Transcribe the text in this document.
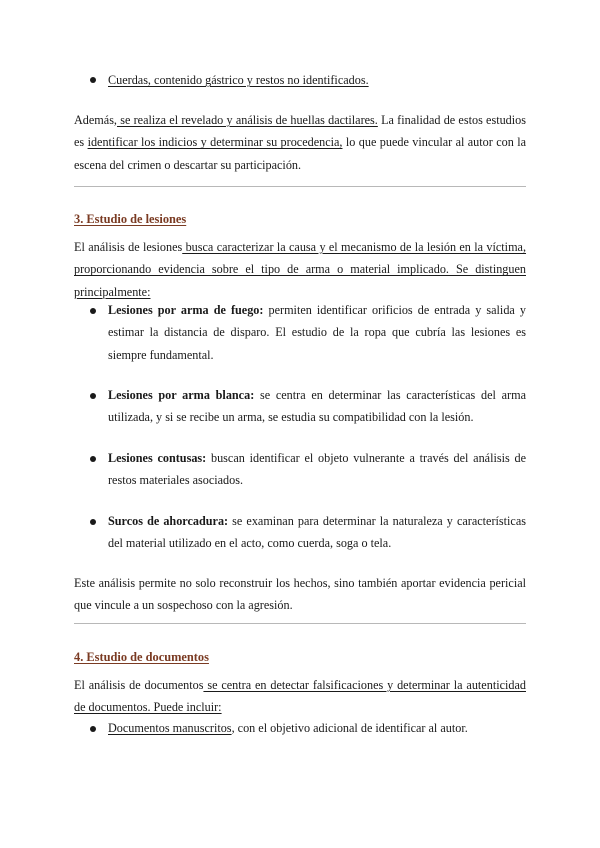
Cuerdas, contenido gástrico y restos no identificados.
Además, se realiza el revelado y análisis de huellas dactilares. La finalidad de estos estudios es identificar los indicios y determinar su procedencia, lo que puede vincular al autor con la escena del crimen o descartar su participación.
3. Estudio de lesiones
El análisis de lesiones busca caracterizar la causa y el mecanismo de la lesión en la víctima, proporcionando evidencia sobre el tipo de arma o material implicado. Se distinguen principalmente:
Lesiones por arma de fuego: permiten identificar orificios de entrada y salida y estimar la distancia de disparo. El estudio de la ropa que cubría las lesiones es siempre fundamental.
Lesiones por arma blanca: se centra en determinar las características del arma utilizada, y si se recibe un arma, se estudia su compatibilidad con la lesión.
Lesiones contusas: buscan identificar el objeto vulnerante a través del análisis de restos materiales asociados.
Surcos de ahorcadura: se examinan para determinar la naturaleza y características del material utilizado en el acto, como cuerda, soga o tela.
Este análisis permite no solo reconstruir los hechos, sino también aportar evidencia pericial que vincule a un sospechoso con la agresión.
4. Estudio de documentos
El análisis de documentos se centra en detectar falsificaciones y determinar la autenticidad de documentos. Puede incluir:
Documentos manuscritos, con el objetivo adicional de identificar al autor.
